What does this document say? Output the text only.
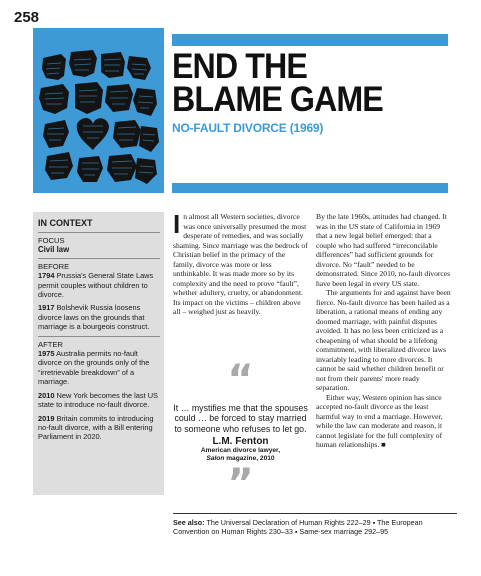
258
END THE
BLAME GAME
NO-FAULT DIVORCE (1969)
IN CONTEXT
FOCUS
Civil law
BEFORE
1794 Prussia's General State Laws permit couples without children to divorce.
1917 Bolshevik Russia loosens divorce laws on the grounds that marriage is a bourgeois construct.
AFTER
1975 Australia permits no-fault divorce on the grounds only of the “irretrievable breakdown” of a marriage.
2010 New York becomes the last US state to introduce no-fault divorce.
2019 Britain commits to introducing no-fault divorce, with a Bill entering Parliament in 2020.

In almost all Western societies, divorce was once universally presumed the most desperate of remedies, and was socially shaming. Since marriage was the bedrock of Christian belief in the primacy of the family, divorce was more or less unthinkable. It was made more so by its complexity and the need to prove “fault”, whether adultery, cruelty, or abandonment. Its impact on the victims – children above all – weighed just as heavily.

“
It … mystifies me that the spouses could … be forced to stay married to someone who refuses to let go.
L.M. Fenton
American divorce lawyer,
Salon magazine, 2010
”

By the late 1960s, attitudes had changed. It was in the US state of California in 1969 that a new legal belief emerged: that a couple who had suffered “irreconcilable differences” had sufficient grounds for divorce. No “fault” needed to be demonstrated. Since 2010, no-fault divorces have been legal in every US state.

The arguments for and against have been fierce. No-fault divorce has been hailed as a liberation, a rational means of ending any doomed marriage, with painful disputes avoided. It has no less been criticized as a cheapening of what should be a lifelong commitment, with liberalized divorce laws invariably leading to more divorces. It cannot be said whether children benefit or not from their parents' more ready separation.

Either way, Western opinion has since accepted no-fault divorce as the least harmful way to end a marriage. However, while the law can moderate and reason, it cannot legislate for the full complexity of human relationships. ■

See also: The Universal Declaration of Human Rights 222–29 ▪ The European Convention on Human Rights 230–33 ▪ Same-sex marriage 292–95
